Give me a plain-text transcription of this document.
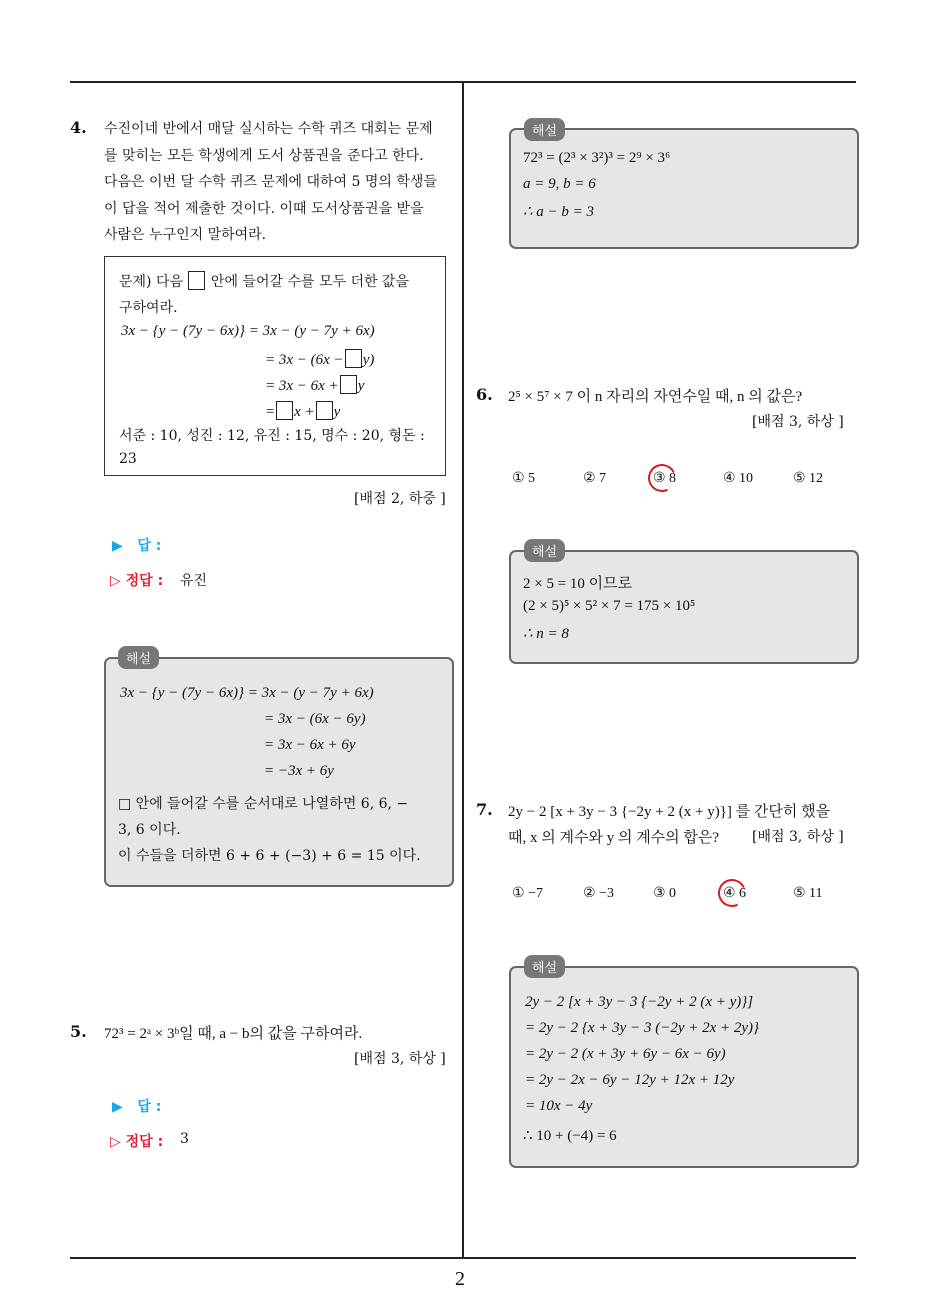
4. 수진이네 반에서 매달 실시하는 수학 퀴즈 대회는 문제
를 맞히는 모든 학생에게 도서 상품권을 준다고 한다.
다음은 이번 달 수학 퀴즈 문제에 대하여 5 명의 학생들
이 답을 적어 제출한 것이다. 이때 도서상품권을 받을
사람은 누구인지 말하여라.
문제) 다음 안에 들어갈 수를 모두 더한 값을
구하여라.
3x − {y − (7y − 6x)} = 3x − (y − 7y + 6x)
= 3x − (6x − y)
= 3x − 6x + y
= x + y
서준 : 10, 성진 : 12, 유진 : 15, 명수 : 20, 형돈 :
23
[배점 2, 하중 ]
▶ 답 :
▷ 정답 : 유진
3x − {y − (7y − 6x)} = 3x − (y − 7y + 6x)
= 3x − (6x − 6y)
= 3x − 6x + 6y
= −3x + 6y
□ 안에 들어갈 수를 순서대로 나열하면 6, 6, −
3, 6 이다.
이 수들을 더하면 6 + 6 + (−3) + 6 = 15 이다.
해설
5. 72³ = 2ᵃ × 3ᵇ일 때, a − b의 값을 구하여라.
[배점 3, 하상 ]
▶ 답 :
▷ 정답 : 3
72³ = (2³ × 3²)³ = 2⁹ × 3⁶
a = 9, b = 6
∴ a − b = 3
해설
6. 2⁵ × 5⁷ × 7 이 n 자리의 자연수일 때, n 의 값은?
[배점 3, 하상 ]
① 5	② 7	③ 8	④ 10	⑤ 12
2 × 5 = 10 이므로
(2 × 5)⁵ × 5² × 7 = 175 × 10⁵
∴ n = 8
해설
7. 2y − 2 [x + 3y − 3 {−2y + 2 (x + y)}] 를 간단히 했을
때, x 의 계수와 y 의 계수의 합은? [배점 3, 하상 ]
① −7	② −3	③ 0	④ 6	⑤ 11
2y − 2 [x + 3y − 3 {−2y + 2 (x + y)}]
= 2y − 2 {x + 3y − 3 (−2y + 2x + 2y)}
= 2y − 2 (x + 3y + 6y − 6x − 6y)
= 2y − 2x − 6y − 12y + 12x + 12y
= 10x − 4y
∴ 10 + (−4) = 6
해설
2
